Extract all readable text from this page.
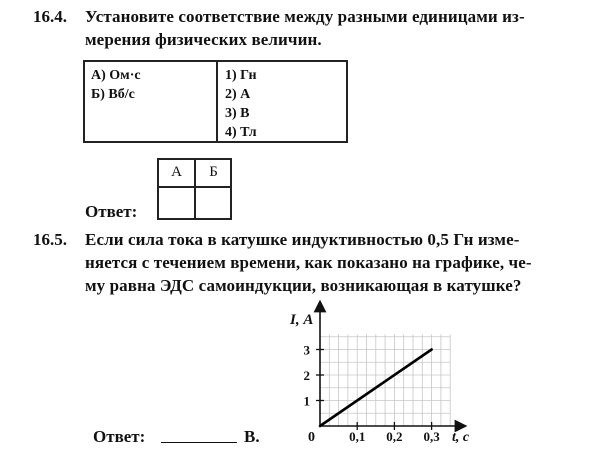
16.4. Установите соответствие между разными единицами из-
мерения физических величин.
А) Ом·с
Б) Вб/с
1) Гн
2) А
3) В
4) Тл
А	Б
Ответ:
16.5. Если сила тока в катушке индуктивностью 0,5 Гн изме-
няется с течением времени, как показано на графике, че-
му равна ЭДС самоиндукции, возникающая в катушке?
0,1 0,2 0,3
1
2
3
I, А
t, с
0
Ответ:	В.
